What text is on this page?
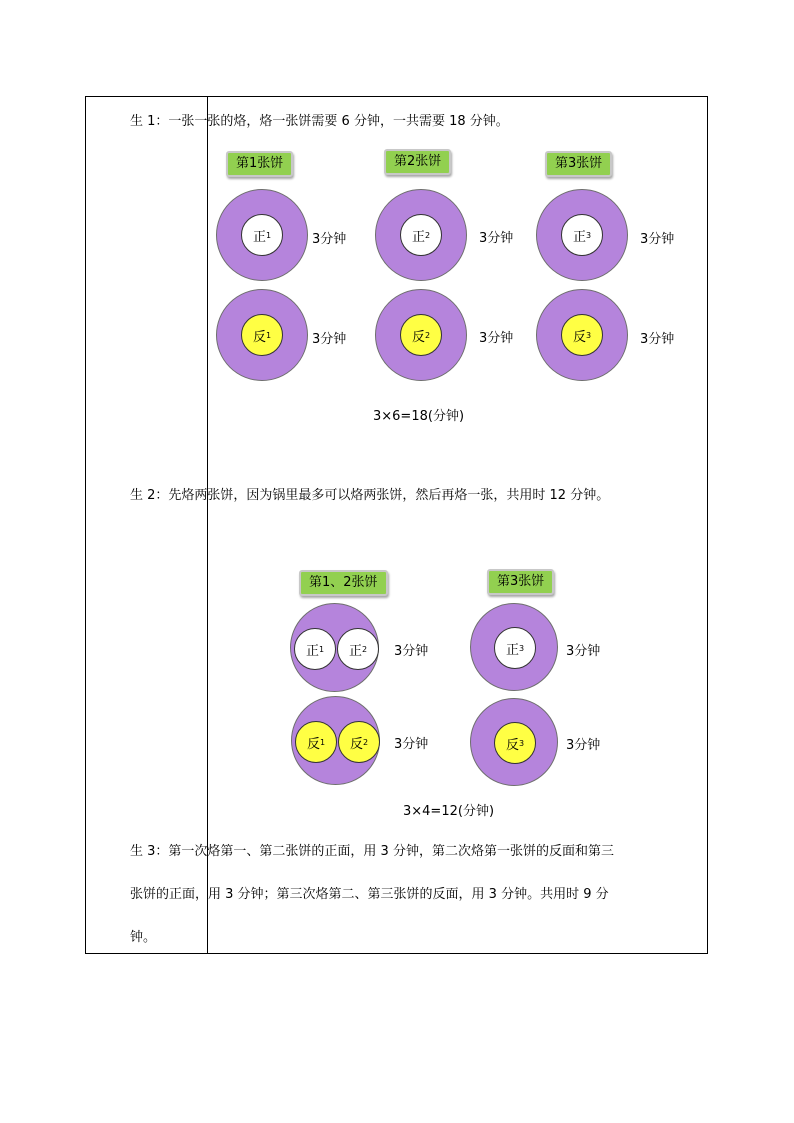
生 1：一张一张的烙，烙一张饼需要 6 分钟，一共需要 18 分钟。
第1张饼	第2张饼	第3张饼
正 1	3分钟	正 2	3分钟	正 3	3分钟
反 1	3分钟	反 2	3分钟	反 3	3分钟
3×6=18(分钟)

生 2：先烙两张饼，因为锅里最多可以烙两张饼，然后再烙一张，共用时 12 分钟。

第1、2张饼	第3张饼
正 1 正 2 3分钟	正 3	3分钟
反 1 反 2 3分钟	反 3	3分钟
3×4=12(分钟)

生 3：第一次烙第一、第二张饼的正面，用 3 分钟，第二次烙第一张饼的反面和第三张饼的正面，用 3 分钟；第三次烙第二、第三张饼的反面，用 3 分钟。共用时 9 分钟。
